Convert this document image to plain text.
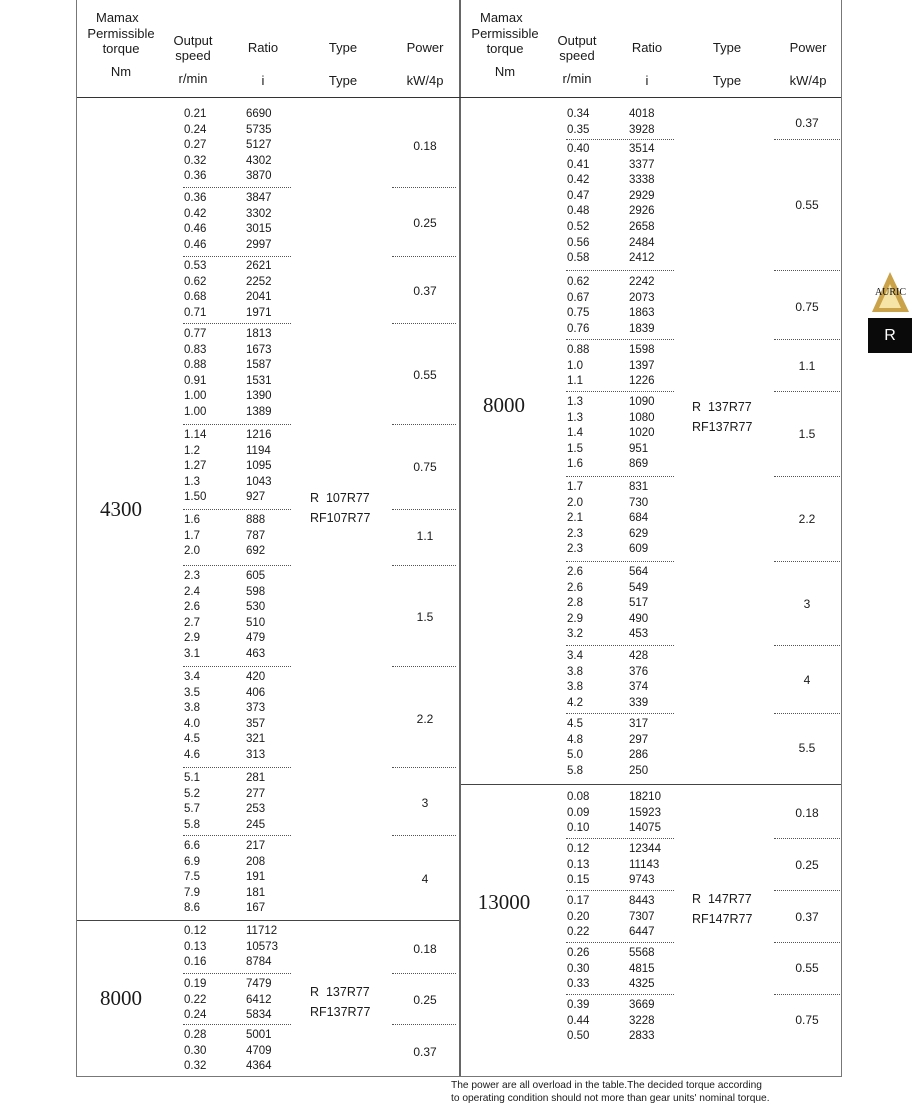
Mamax
Permissible
torque
Nm
Output
speed
r/min
Ratio
i
Type
Type
Power
kW/4p
Mamax
Permissible
torque
Nm
Output
speed
r/min
Ratio
i
Type
Type
Power
kW/4p
4300
8000
R  107R77
RF107R77
R  137R77
RF137R77
0.21
0.24
0.27
0.32
0.36
6690
5735
5127
4302
3870
0.36
0.42
0.46
0.46
3847
3302
3015
2997
0.53
0.62
0.68
0.71
2621
2252
2041
1971
0.77
0.83
0.88
0.91
1.00
1.00
1813
1673
1587
1531
1390
1389
1.14
1.2
1.27
1.3
1.50
1216
1194
1095
1043
927
1.6
1.7
2.0
888
787
692
2.3
2.4
2.6
2.7
2.9
3.1
605
598
530
510
479
463
3.4
3.5
3.8
4.0
4.5
4.6
420
406
373
357
321
313
5.1
5.2
5.7
5.8
281
277
253
245
6.6
6.9
7.5
7.9
8.6
217
208
191
181
167
0.12
0.13
0.16
11712
10573
8784
0.19
0.22
0.24
7479
6412
5834
0.28
0.30
0.32
5001
4709
4364
0.18
0.25
0.37
0.55
0.75
1.1
1.5
2.2
3
4
0.18
0.25
0.37
8000
13000
R  137R77
RF137R77
R  147R77
RF147R77
0.34
0.35
4018
3928
0.40
0.41
0.42
0.47
0.48
0.52
0.56
0.58
3514
3377
3338
2929
2926
2658
2484
2412
0.62
0.67
0.75
0.76
2242
2073
1863
1839
0.88
1.0
1.1
1598
1397
1226
1.3
1.3
1.4
1.5
1.6
1090
1080
1020
951
869
1.7
2.0
2.1
2.3
2.3
831
730
684
629
609
2.6
2.6
2.8
2.9
3.2
564
549
517
490
453
3.4
3.8
3.8
4.2
428
376
374
339
4.5
4.8
5.0
5.8
317
297
286
250
0.08
0.09
0.10
18210
15923
14075
0.12
0.13
0.15
12344
11143
9743
0.17
0.20
0.22
8443
7307
6447
0.26
0.30
0.33
5568
4815
4325
0.39
0.44
0.50
3669
3228
2833
0.37
0.55
0.75
1.1
1.5
2.2
3
4
5.5
0.18
0.25
0.37
0.55
0.75
The power are all overload in the table.The decided torque according
to operating condition should not more than gear units' nominal torque.
AURIC
R
